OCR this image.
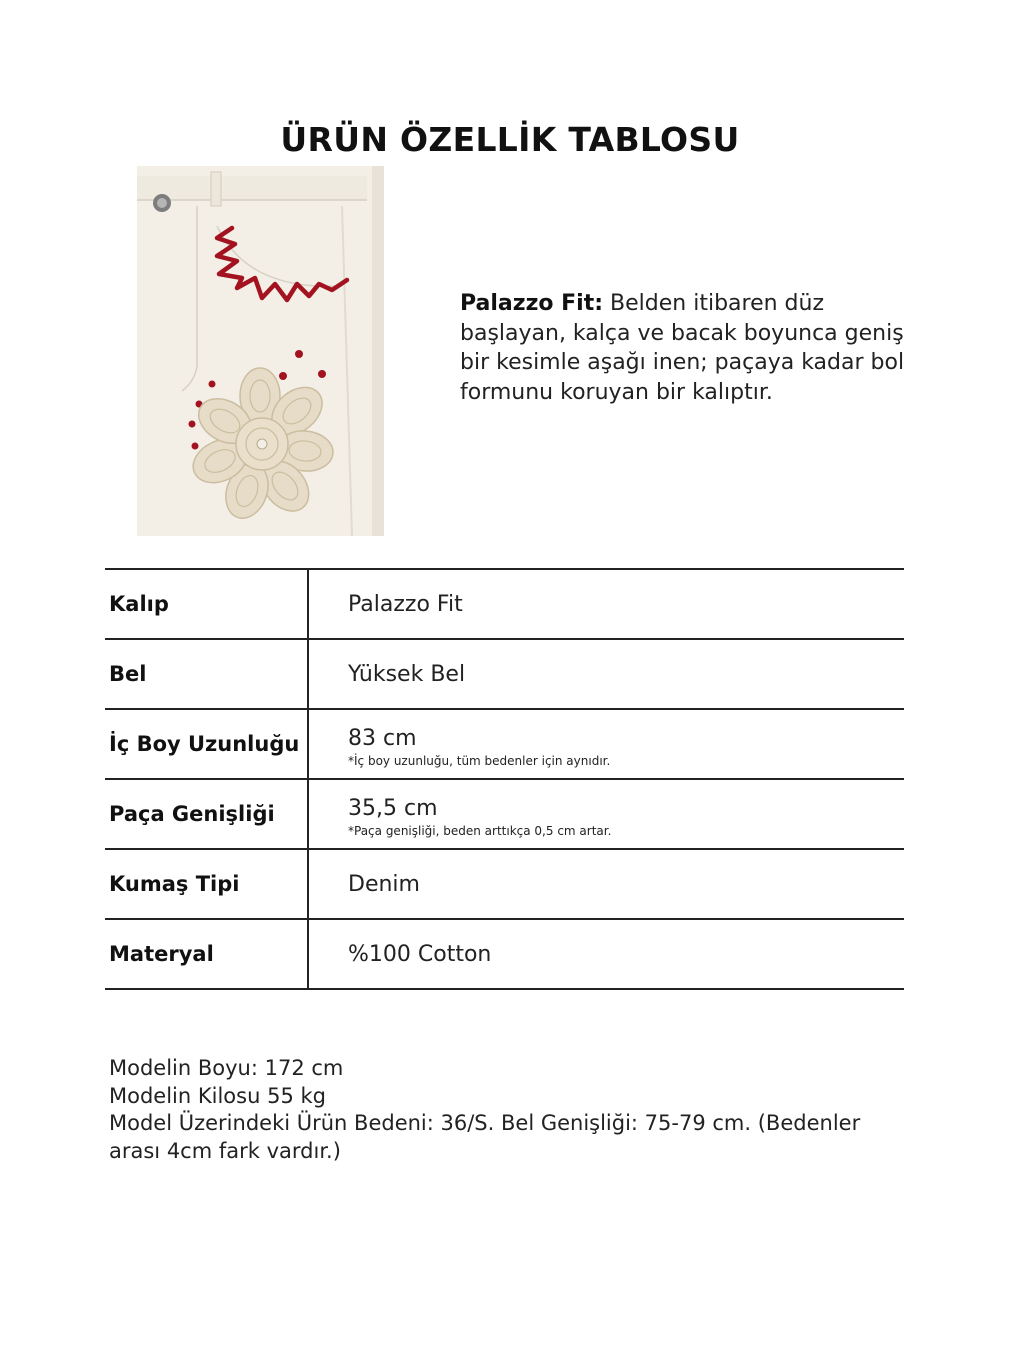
ÜRÜN ÖZELLİK TABLOSU
Palazzo Fit: Belden itibaren düz başlayan, kalça ve bacak boyunca geniş bir kesimle aşağı inen; paçaya kadar bol formunu koruyan bir kalıptır.
Kalıp	Palazzo Fit
Bel	Yüksek Bel
İç Boy Uzunluğu 83 cm
*İç boy uzunluğu, tüm bedenler için aynıdır.
Paça Genişliği	35,5 cm
*Paça genişliği, beden arttıkça 0,5 cm artar.
Kumaş Tipi	Denim
Materyal	%100 Cotton

Modelin Boyu: 172 cm

Modelin Kilosu 55 kg

Model Üzerindeki Ürün Bedeni: 36/S. Bel Genişliği: 75-79 cm. (Bedenler arası 4cm fark vardır.)
